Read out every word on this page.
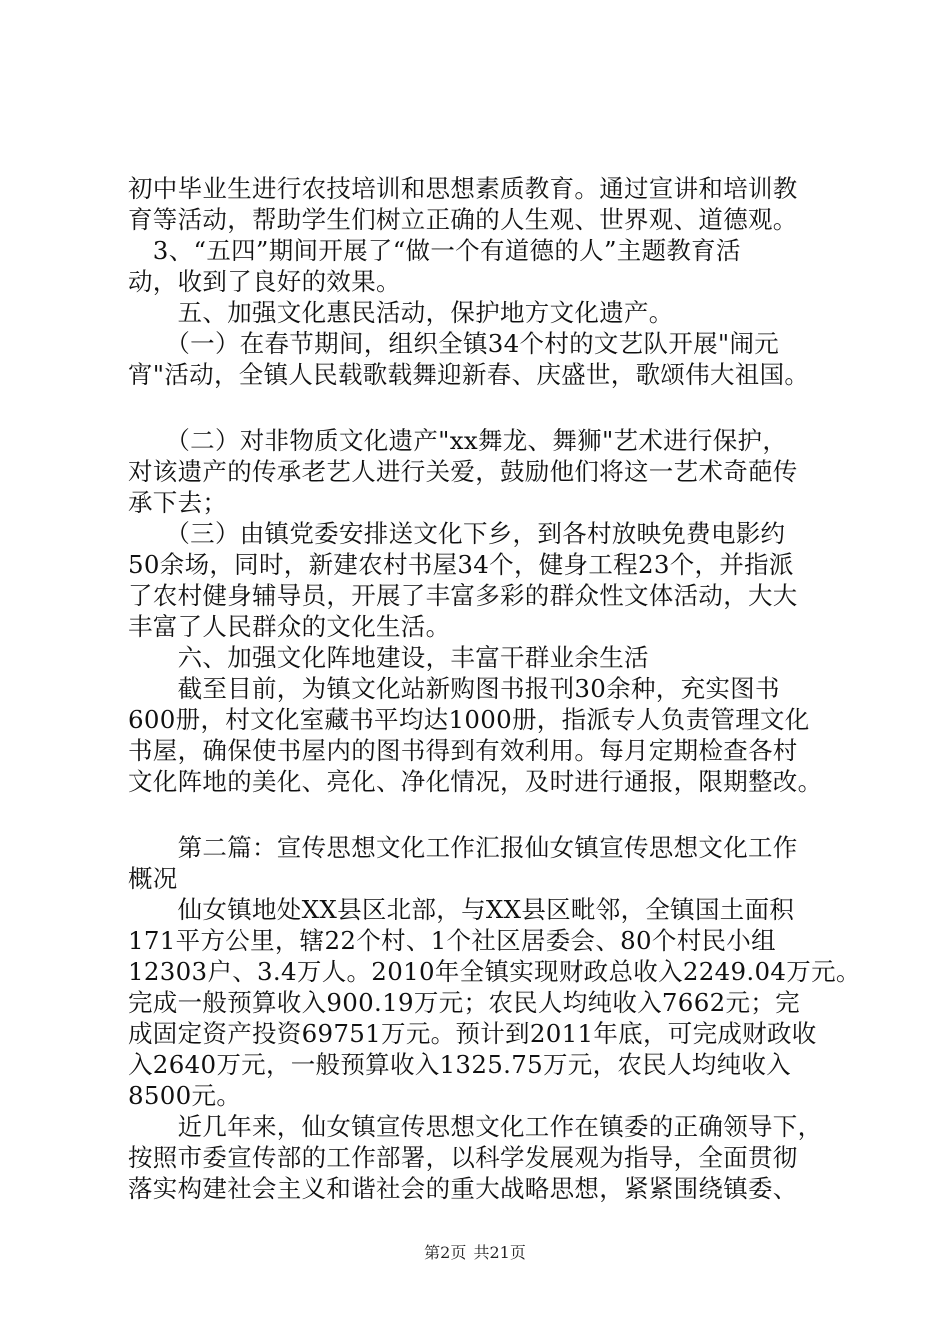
初中毕业生进行农技培训和思想素质教育。通过宣讲和培训教
育等活动，帮助学生们树立正确的人生观、世界观、道德观。
　3、“五四”期间开展了“做一个有道德的人”主题教育活
动，收到了良好的效果。
　　五、加强文化惠民活动，保护地方文化遗产。
　　（一）在春节期间，组织全镇34个村的文艺队开展"闹元
宵"活动，全镇人民载歌载舞迎新春、庆盛世，歌颂伟大祖国。
　　（二）对非物质文化遗产"xx舞龙、舞狮"艺术进行保护，
对该遗产的传承老艺人进行关爱，鼓励他们将这一艺术奇葩传
承下去；
　　（三）由镇党委安排送文化下乡，到各村放映免费电影约
50余场，同时，新建农村书屋34个，健身工程23个，并指派
了农村健身辅导员，开展了丰富多彩的群众性文体活动，大大
丰富了人民群众的文化生活。
　　六、加强文化阵地建设，丰富干群业余生活
　　截至目前，为镇文化站新购图书报刊30余种，充实图书
600册，村文化室藏书平均达1000册，指派专人负责管理文化
书屋，确保使书屋内的图书得到有效利用。每月定期检查各村
文化阵地的美化、亮化、净化情况，及时进行通报，限期整改。
　　第二篇：宣传思想文化工作汇报仙女镇宣传思想文化工作
概况
　　仙女镇地处XX县区北部，与XX县区毗邻，全镇国土面积
171平方公里，辖22个村、1个社区居委会、80个村民小组
12303户、3.4万人。2010年全镇实现财政总收入2249.04万元。
完成一般预算收入900.19万元；农民人均纯收入7662元；完
成固定资产投资69751万元。预计到2011年底，可完成财政收
入2640万元，一般预算收入1325.75万元，农民人均纯收入
8500元。
　　近几年来，仙女镇宣传思想文化工作在镇委的正确领导下，
按照市委宣传部的工作部署，以科学发展观为指导，全面贯彻
落实构建社会主义和谐社会的重大战略思想，紧紧围绕镇委、
第2页 共21页
